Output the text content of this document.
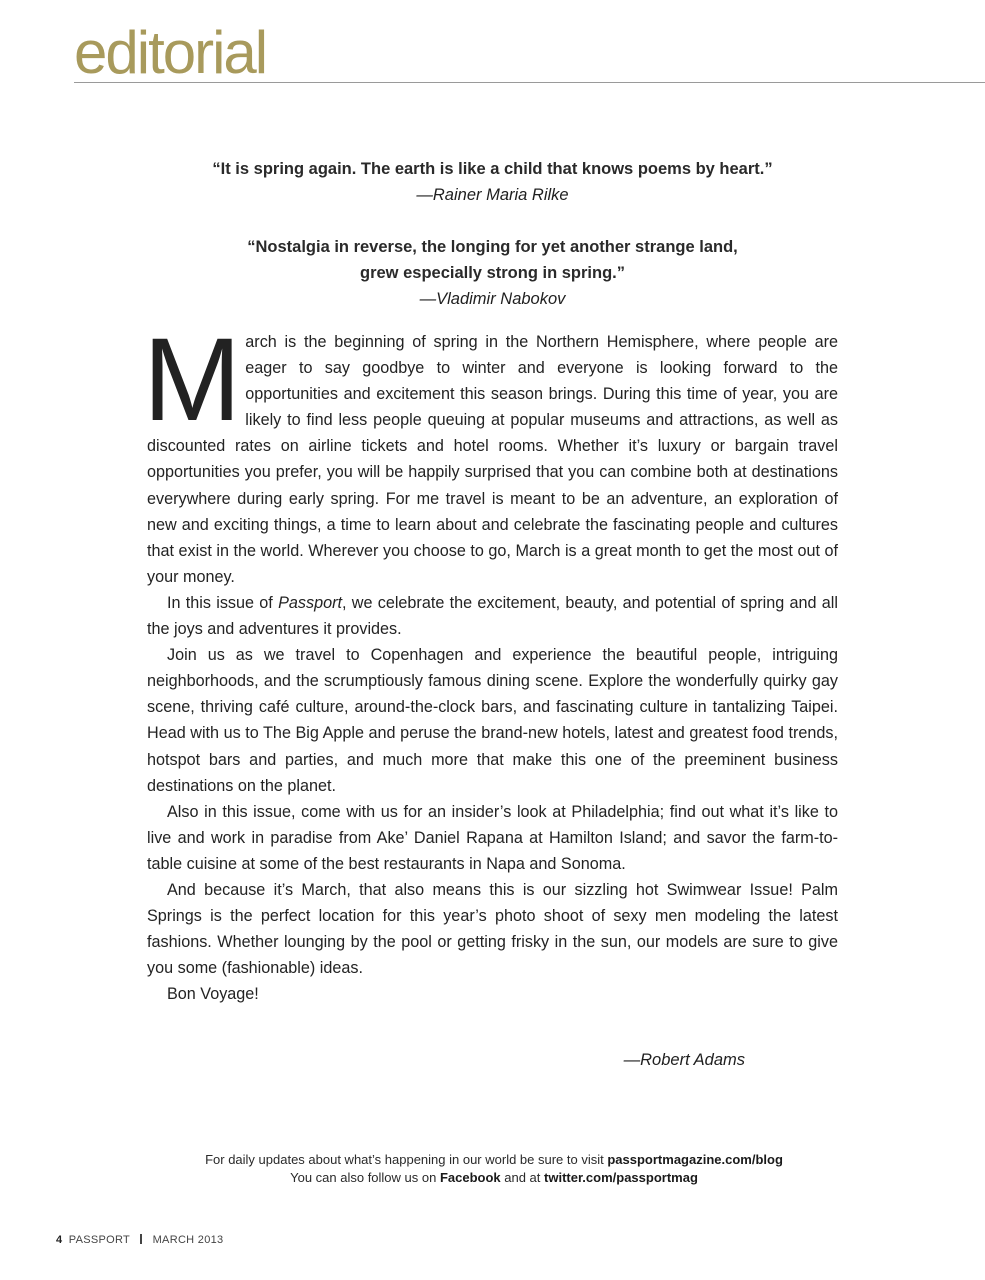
editorial
“It is spring again. The earth is like a child that knows poems by heart.”
—Rainer Maria Rilke
“Nostalgia in reverse, the longing for yet another strange land,
grew especially strong in spring.”
—Vladimir Nabokov

M arch is the beginning of spring in the Northern Hemisphere, where people are eager to say goodbye to winter and everyone is looking forward to the opportunities and excitement this season brings. During this time of year, you are likely to find less people queuing at popular museums and attractions, as well as discounted rates on airline tickets and hotel rooms. Whether it’s luxury or bargain travel opportunities you prefer, you will be happily surprised that you can combine both at destinations everywhere during early spring. For me travel is meant to be an adventure, an exploration of new and exciting things, a time to learn about and celebrate the fascinating people and cultures that exist in the world. Wherever you choose to go, March is a great month to get the most out of your money.

In this issue of Passport, we celebrate the excitement, beauty, and potential of spring and all the joys and adventures it provides.

Join us as we travel to Copenhagen and experience the beautiful people, intriguing neighborhoods, and the scrumptiously famous dining scene. Explore the wonderfully quirky gay scene, thriving café culture, around-the-clock bars, and fascinating culture in tantalizing Taipei. Head with us to The Big Apple and peruse the brand-new hotels, latest and greatest food trends, hotspot bars and parties, and much more that make this one of the preeminent business destinations on the planet.

Also in this issue, come with us for an insider’s look at Philadelphia; find out what it’s like to live and work in paradise from Ake’ Daniel Rapana at Hamilton Island; and savor the farm-to-table cuisine at some of the best restaurants in Napa and Sonoma.

And because it’s March, that also means this is our sizzling hot Swimwear Issue! Palm Springs is the perfect location for this year’s photo shoot of sexy men modeling the latest fashions. Whether lounging by the pool or getting frisky in the sun, our models are sure to give you some (fashionable) ideas.

Bon Voyage!

—Robert Adams
For daily updates about what’s happening in our world be sure to visit passportmagazine.com/blog
You can also follow us on Facebook and at twitter.com/passportmag
4 PASSPORT MARCH 2013
